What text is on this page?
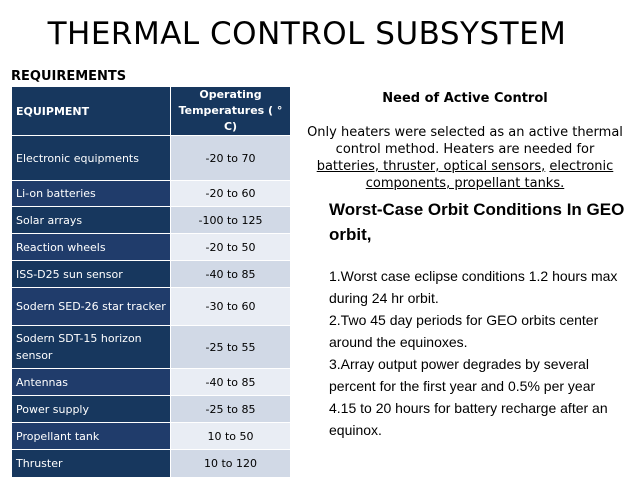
THERMAL CONTROL SUBSYSTEM
REQUIREMENTS
EQUIPMENT	Operating Temperatures ( ° C)
Electronic equipments	-20 to 70
Li-on batteries	-20 to 60
Solar arrays	-100 to 125
Reaction wheels	-20 to 50
ISS-D25 sun sensor	-40 to 85
Sodern SED-26 star tracker	-30 to 60
Sodern SDT-15 horizon sensor	-25 to 55
Antennas	-40 to 85
Power supply	-25 to 85
Propellant tank	10 to 50
Thruster	10 to 120
Need of Active Control
Only heaters were selected as an active thermal control method. Heaters are needed for batteries, thruster, optical sensors, electronic components, propellant tanks.
Worst-Case Orbit Conditions In GEO orbit,
1.Worst case eclipse conditions 1.2 hours max during 24 hr orbit.
2.Two 45 day periods for GEO orbits center around the equinoxes.
3.Array output power degrades by several percent for the first year and 0.5% per year
4.15 to 20 hours for battery recharge after an equinox.
